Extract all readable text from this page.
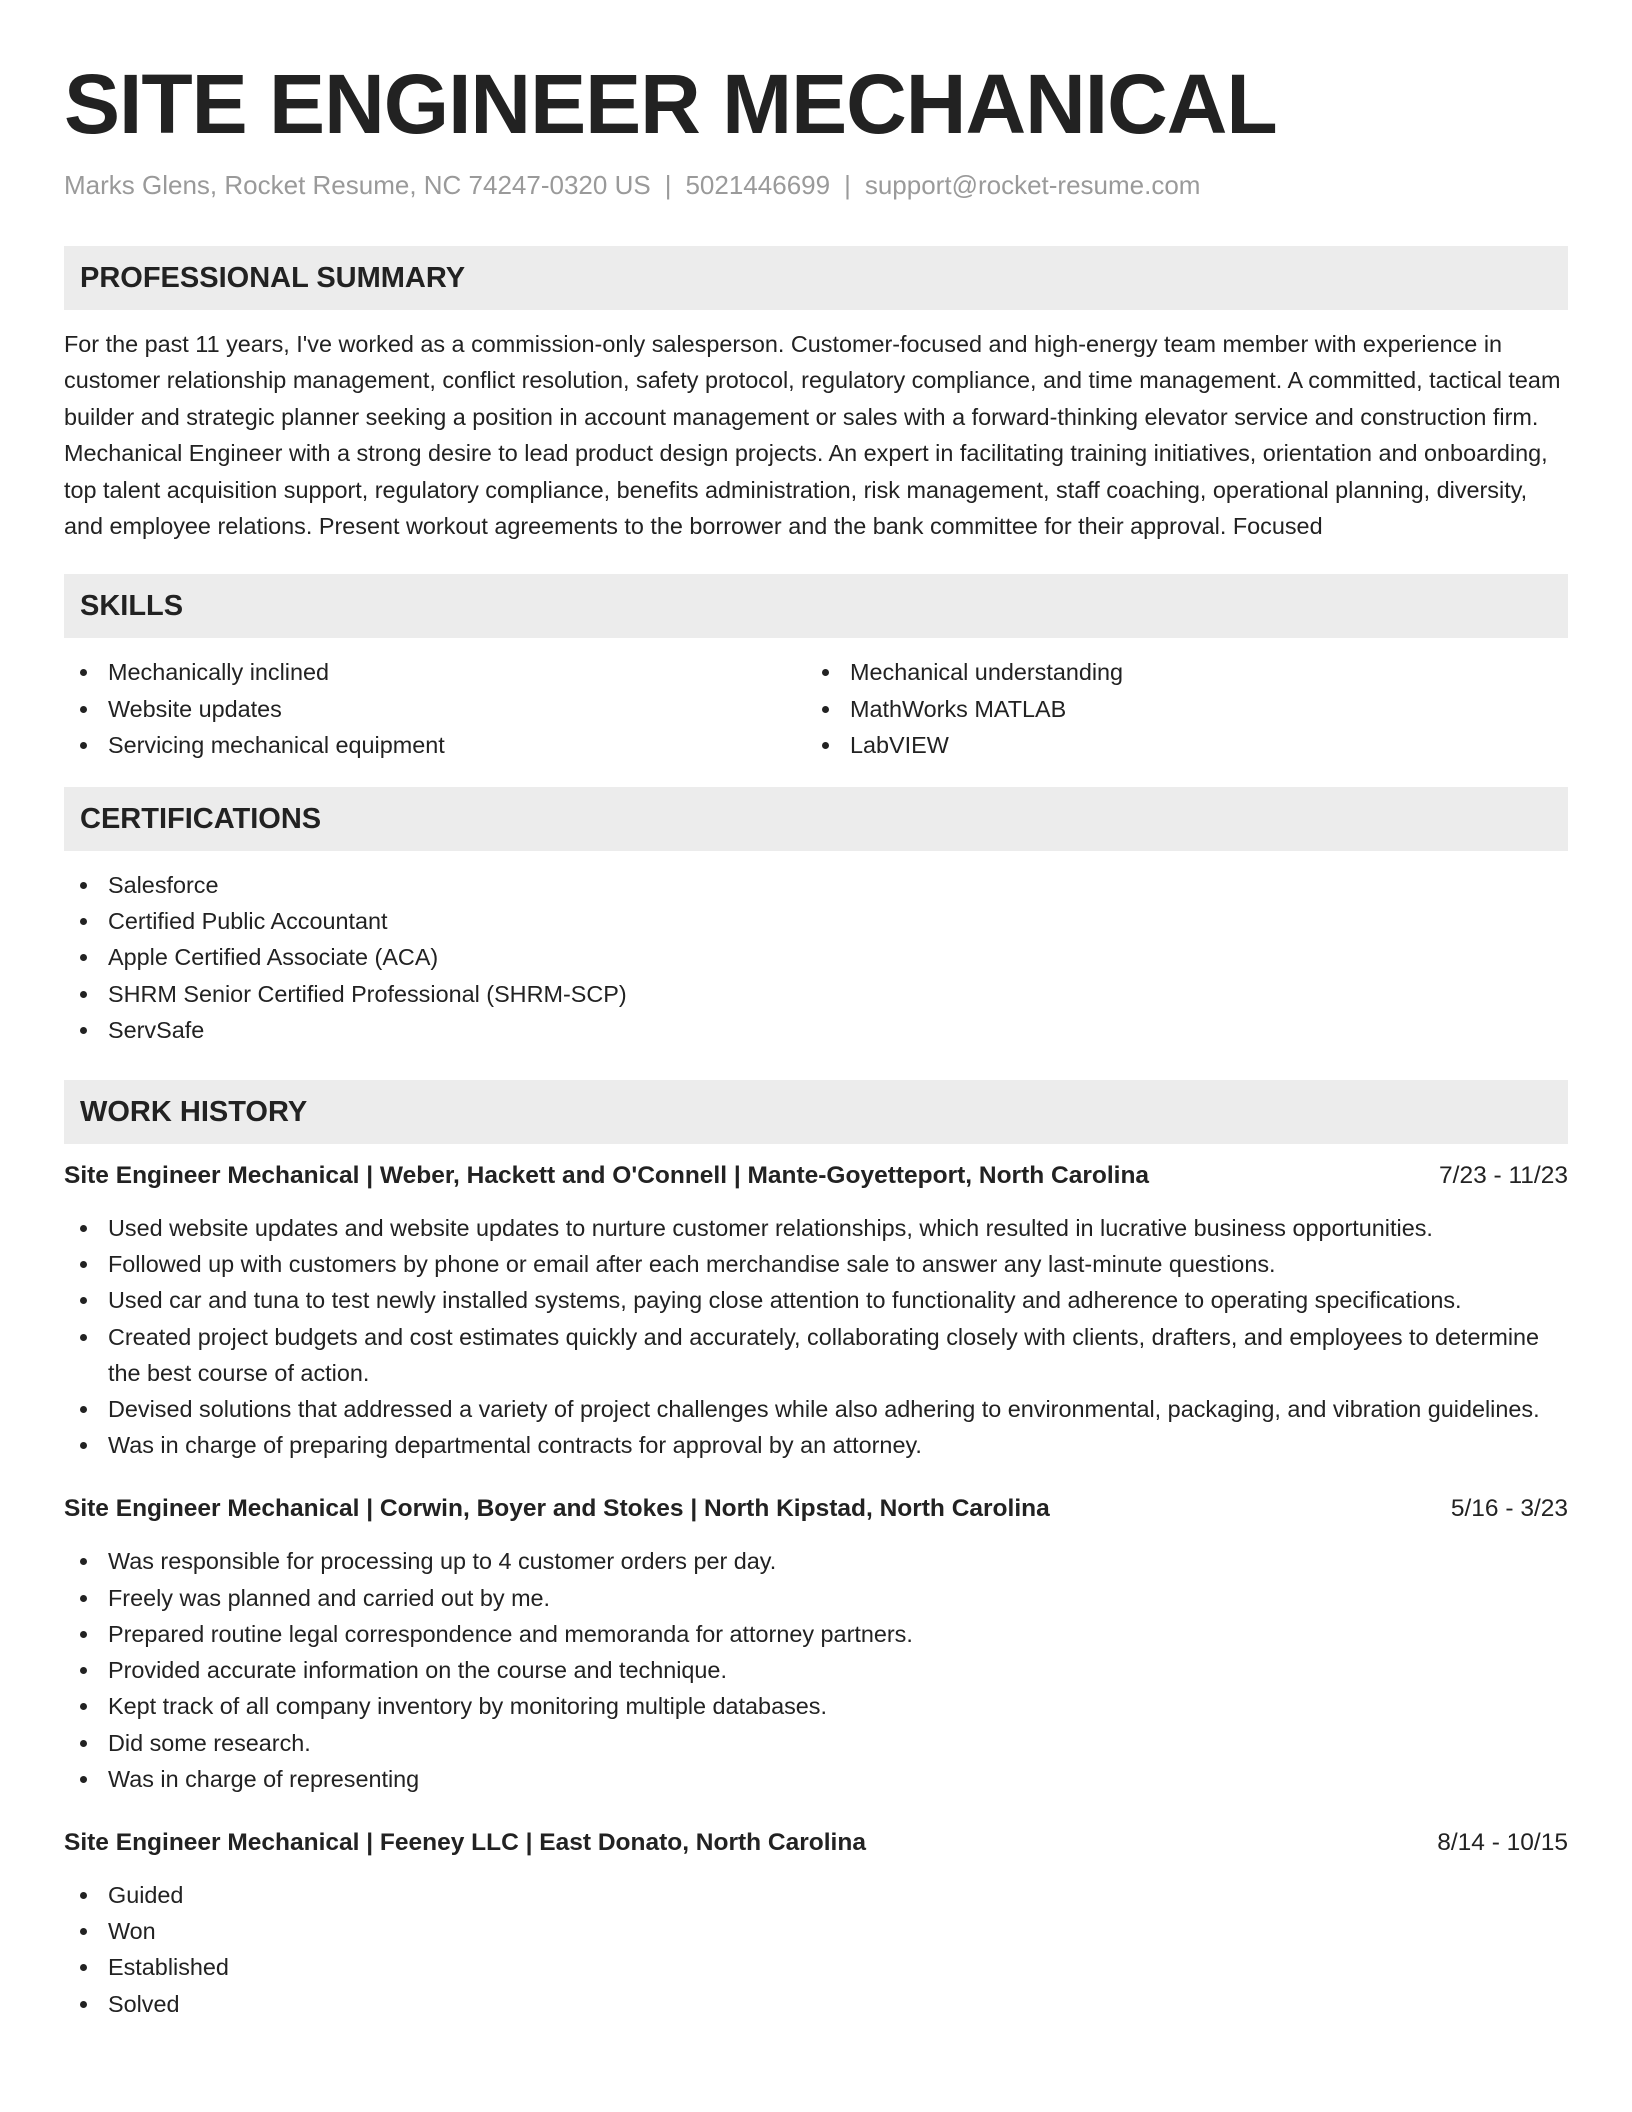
SITE ENGINEER MECHANICAL
Marks Glens, Rocket Resume, NC 74247-0320 US | 5021446699 | support@rocket-resume.com
PROFESSIONAL SUMMARY

For the past 11 years, I've worked as a commission-only salesperson. Customer-focused and high-energy team member with experience in customer relationship management, conflict resolution, safety protocol, regulatory compliance, and time management. A committed, tactical team builder and strategic planner seeking a position in account management or sales with a forward-thinking elevator service and construction firm. Mechanical Engineer with a strong desire to lead product design projects. An expert in facilitating training initiatives, orientation and onboarding, top talent acquisition support, regulatory compliance, benefits administration, risk management, staff coaching, operational planning, diversity, and employee relations. Present workout agreements to the borrower and the bank committee for their approval. Focused

SKILLS
Mechanically inclined
Website updates
Servicing mechanical equipment
Mechanical understanding
MathWorks MATLAB
LabVIEW
CERTIFICATIONS
Salesforce
Certified Public Accountant
Apple Certified Associate (ACA)
SHRM Senior Certified Professional (SHRM-SCP)
ServSafe
WORK HISTORY
Site Engineer Mechanical | Weber, Hackett and O'Connell | Mante-Goyetteport, North Carolina	7/23 - 11/23
Used website updates and website updates to nurture customer relationships, which resulted in lucrative business opportunities.
Followed up with customers by phone or email after each merchandise sale to answer any last-minute questions.
Used car and tuna to test newly installed systems, paying close attention to functionality and adherence to operating specifications.
Created project budgets and cost estimates quickly and accurately, collaborating closely with clients, drafters, and employees to determine the best course of action.
Devised solutions that addressed a variety of project challenges while also adhering to environmental, packaging, and vibration guidelines.
Was in charge of preparing departmental contracts for approval by an attorney.
Site Engineer Mechanical | Corwin, Boyer and Stokes | North Kipstad, North Carolina	5/16 - 3/23
Was responsible for processing up to 4 customer orders per day.
Freely was planned and carried out by me.
Prepared routine legal correspondence and memoranda for attorney partners.
Provided accurate information on the course and technique.
Kept track of all company inventory by monitoring multiple databases.
Did some research.
Was in charge of representing
Site Engineer Mechanical | Feeney LLC | East Donato, North Carolina	8/14 - 10/15
Guided
Won
Established
Solved
